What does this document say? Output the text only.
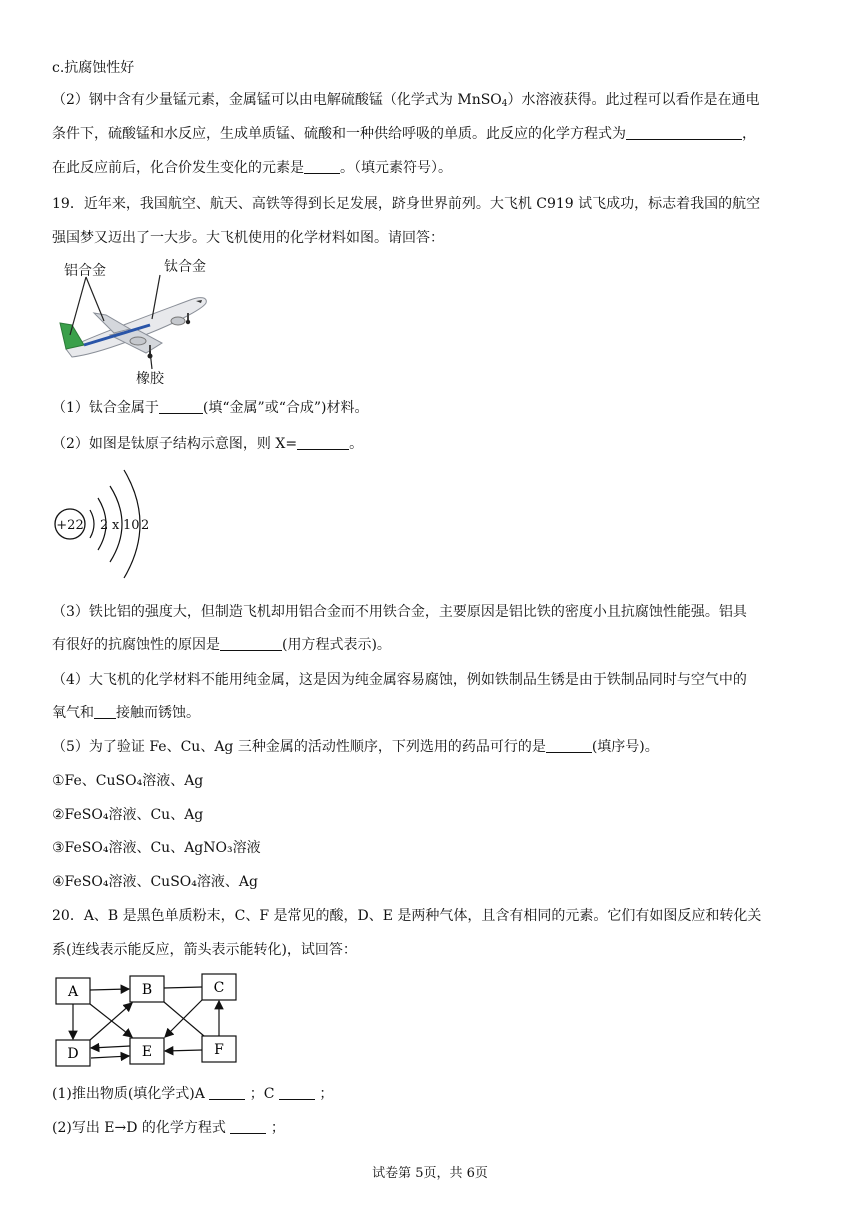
c.抗腐蚀性好
（2）钢中含有少量锰元素，金属锰可以由电解硫酸锰（化学式为 MnSO$_4$）水溶液获得。此过程可以看作是在通电
条件下，硫酸锰和水反应，生成单质锰、硫酸和一种供给呼吸的单质。此反应的化学方程式为	，
在此反应前后，化合价发生变化的元素是	。（填元素符号）。
19．近年来，我国航空、航天、高铁等得到长足发展，跻身世界前列。大飞机 C919 试飞成功，标志着我国的航空
强国梦又迈出了一大步。大飞机使用的化学材料如图。请回答：
铝合金	钛合金
橡胶
（1）钛合金属于	(填“金属”或“合成”)材料。
（2）如图是钛原子结构示意图，则 X=	。
+22 2 x 10 2
（3）铁比铝的强度大，但制造飞机却用铝合金而不用铁合金，主要原因是铝比铁的密度小且抗腐蚀性能强。铝具
有很好的抗腐蚀性的原因是	(用方程式表示)。
（4）大飞机的化学材料不能用纯金属，这是因为纯金属容易腐蚀，例如铁制品生锈是由于铁制品同时与空气中的
氧气和 接触而锈蚀。
（5）为了验证 Fe、Cu、Ag 三种金属的活动性顺序，下列选用的药品可行的是	(填序号)。
①Fe、CuSO₄溶液、Ag
②FeSO₄溶液、Cu、Ag
③FeSO₄溶液、Cu、AgNO₃溶液
④FeSO₄溶液、CuSO₄溶液、Ag
20．A、B 是黑色单质粉末，C、F 是常见的酸，D、E 是两种气体，且含有相同的元素。它们有如图反应和转化关
系(连线表示能反应，箭头表示能转化)，试回答：
A	B	C
D	E	F
(1)推出物质(填化学式)A	；C	；
(2)写出 E→D 的化学方程式	；
试卷第 5页，共 6页
